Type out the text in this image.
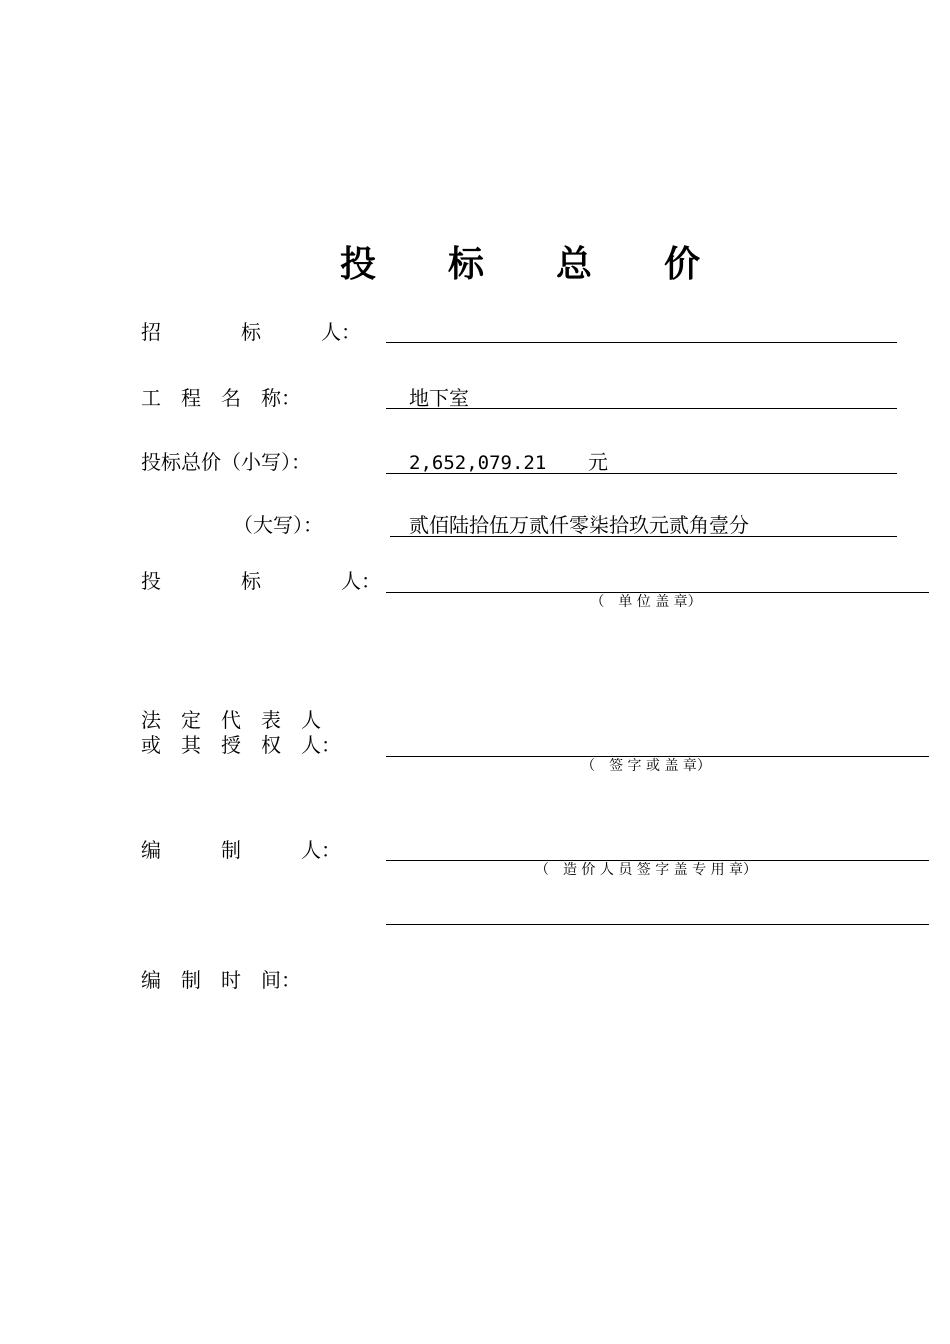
投　　标　　总　　价
招　　　　标　　　人：
工　程　名　称：	地下室
投标总价（小写）：	2,652,079.21 元
（大写）：	贰佰陆拾伍万贰仟零柒拾玖元贰角壹分
投　　　　标　　　　人：
（　单 位 盖 章）
法　定　代　表　人
或　其　授　权　人：
（　签 字 或 盖 章）
编　　　制　　　人：
（　造 价 人 员 签 字 盖 专 用 章）
编　制　时　间：
